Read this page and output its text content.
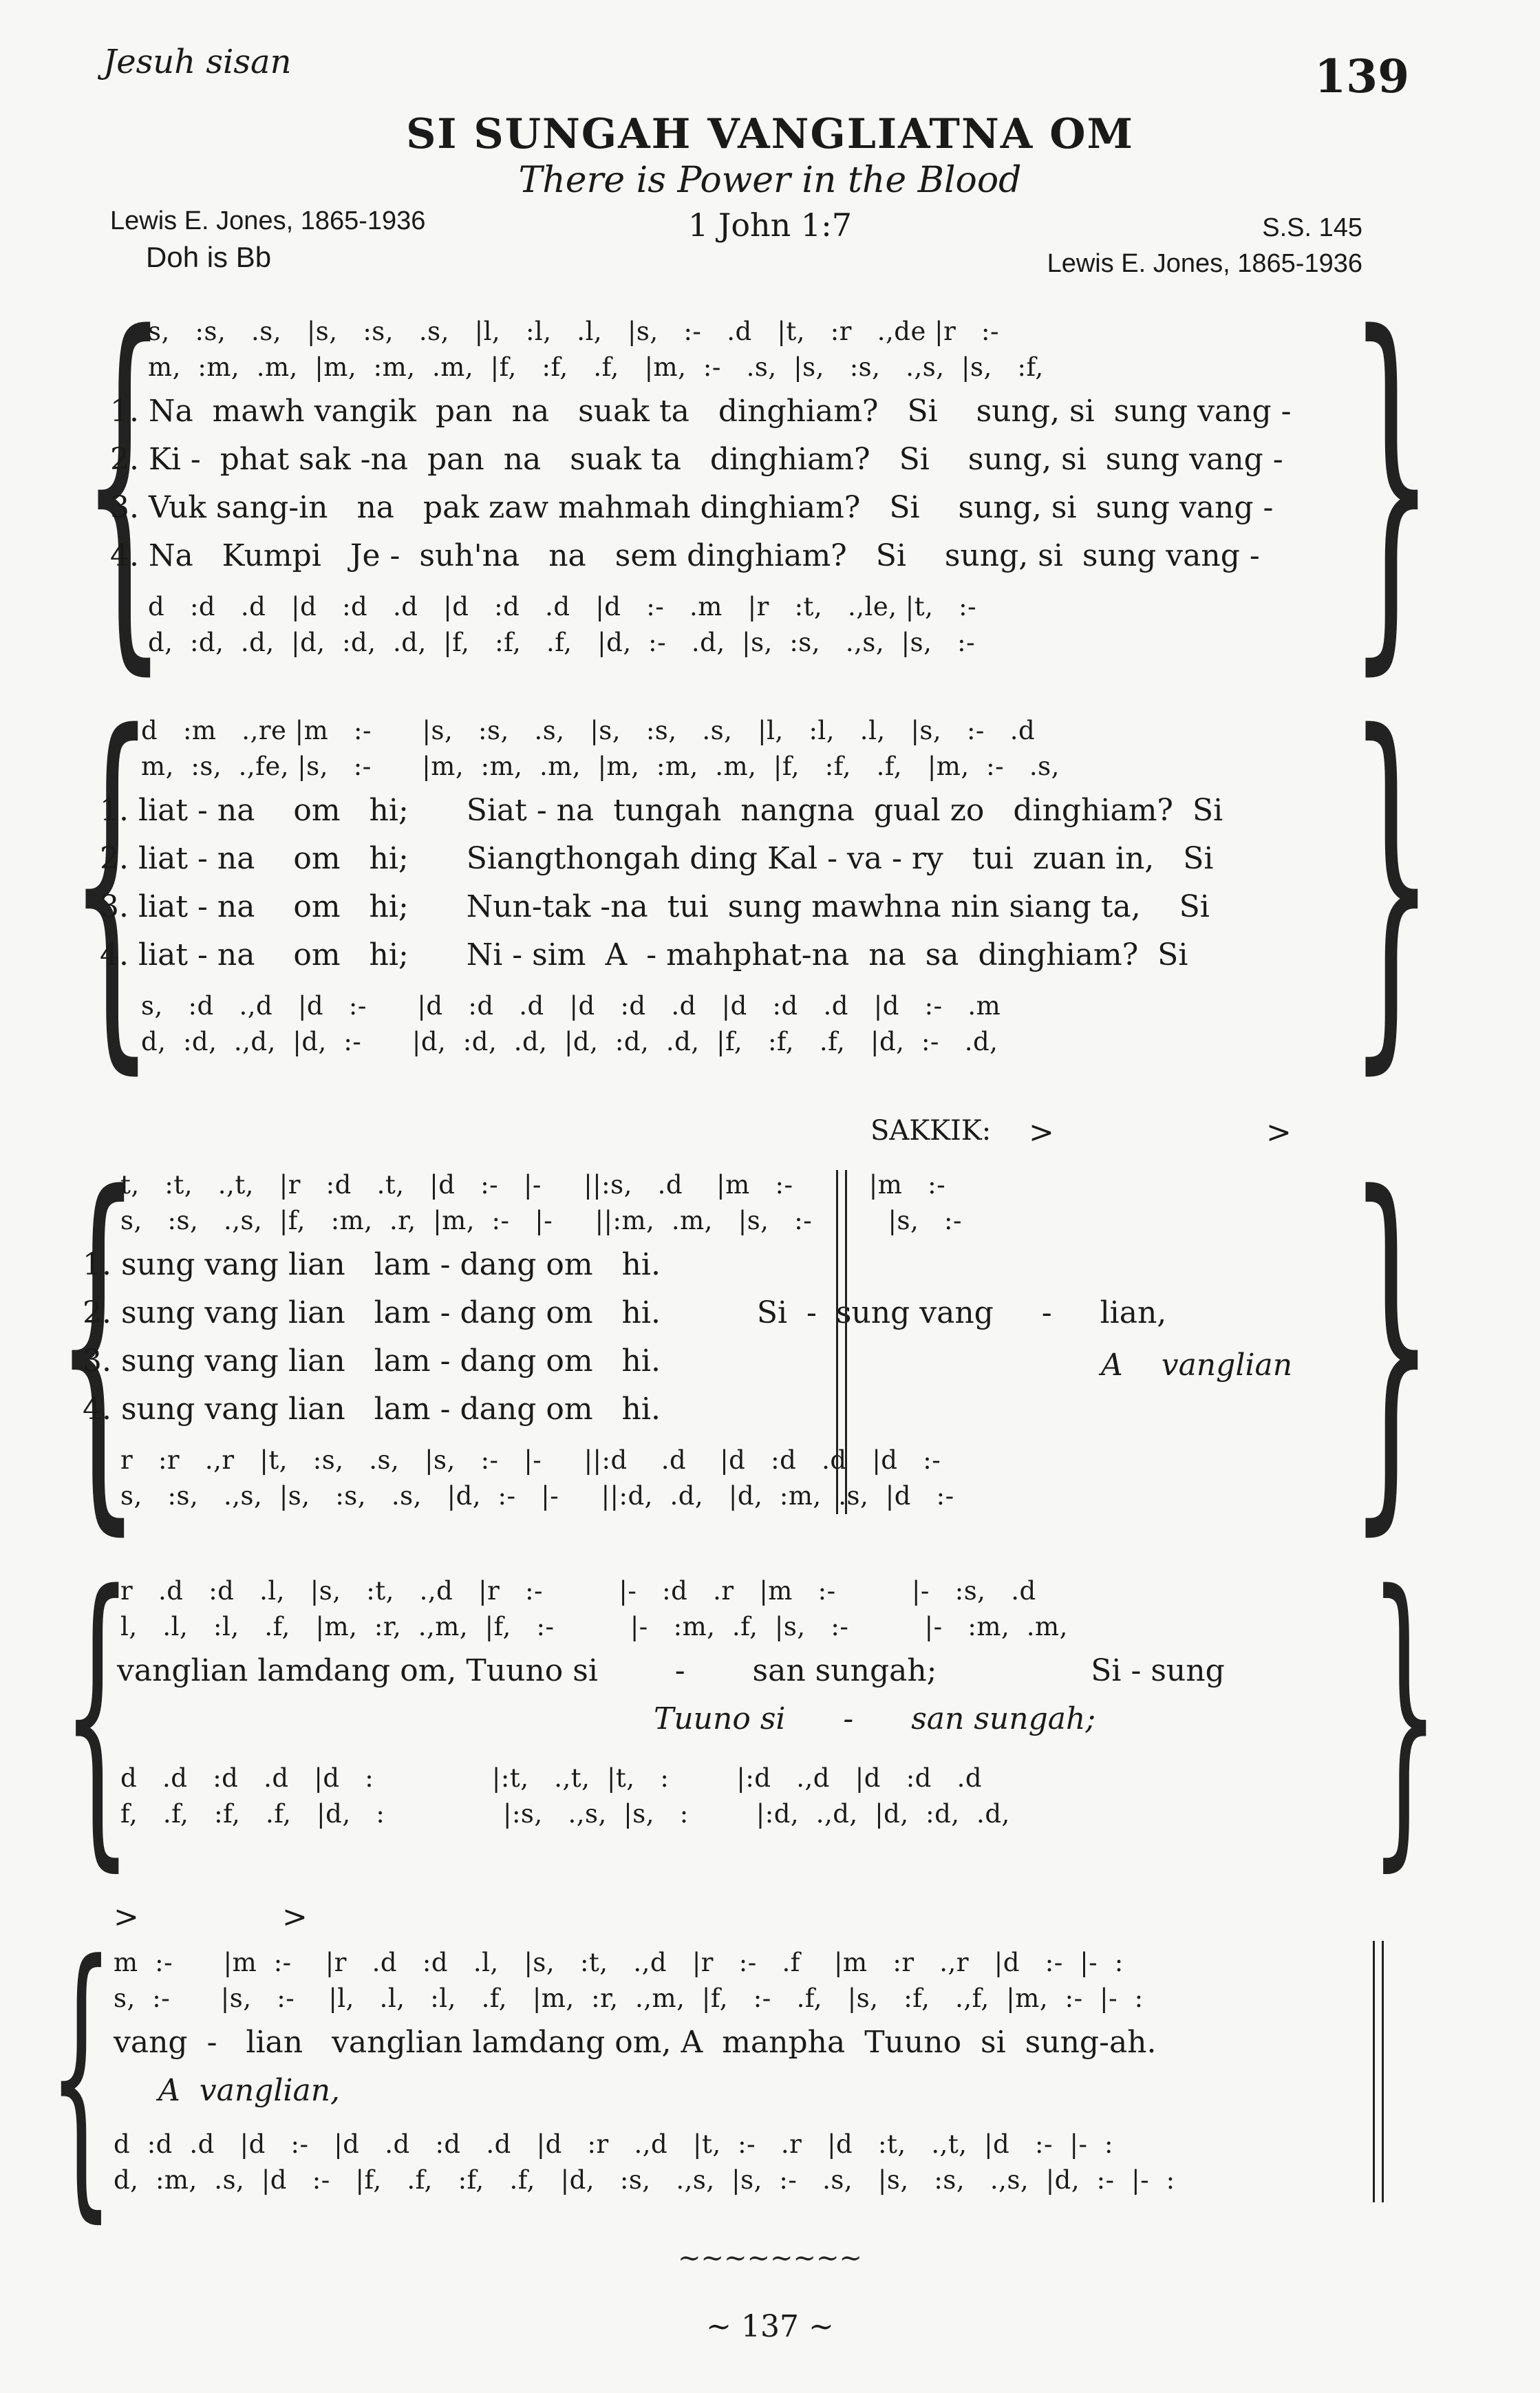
Jesuh sisan	139
SI SUNGAH VANGLIATNA OM
There is Power in the Blood
Lewis E. Jones, 1865-1936	1 John 1:7
Doh is Bb
S.S. 145
Lewis E. Jones, 1865-1936
{	}
s,   :s,   .s,   |s,   :s,   .s,   |l,   :l,   .l,   |s,   :-   .d   |t,   :r   .,de |r   :-
m,  :m,  .m,  |m,  :m,  .m,  |f,   :f,   .f,   |m,  :-   .s,  |s,   :s,   .,s,  |s,   :f,
1. Na  mawh vangik  pan  na   suak ta   dinghiam?   Si    sung, si  sung vang -
2. Ki -  phat sak -na  pan  na   suak ta   dinghiam?   Si    sung, si  sung vang -
3. Vuk sang-in   na   pak zaw mahmah dinghiam?   Si    sung, si  sung vang -
4. Na   Kumpi   Je -  suh'na   na   sem dinghiam?   Si    sung, si  sung vang -
d   :d   .d   |d   :d   .d   |d   :d   .d   |d   :-   .m   |r   :t,   .,le, |t,   :-
d,  :d,  .d,  |d,  :d,  .d,  |f,   :f,   .f,   |d,  :-   .d,  |s,  :s,   .,s,  |s,   :-
{	}
d   :m   .,re |m   :-      |s,   :s,   .s,   |s,   :s,   .s,   |l,   :l,   .l,   |s,   :-   .d
m,  :s,  .,fe, |s,   :-      |m,  :m,  .m,  |m,  :m,  .m,  |f,   :f,   .f,   |m,  :-   .s,
1. liat - na    om   hi;      Siat - na  tungah  nangna  gual zo   dinghiam?  Si
2. liat - na    om   hi;      Siangthongah ding Kal - va - ry   tui  zuan in,   Si
3. liat - na    om   hi;      Nun-tak -na  tui  sung mawhna nin siang ta,    Si
4. liat - na    om   hi;      Ni - sim  A  - mahphat-na  na  sa  dinghiam?  Si
s,   :d   .,d   |d   :-      |d   :d   .d   |d   :d   .d   |d   :d   .d   |d   :-   .m
d,  :d,  .,d,  |d,  :-      |d,  :d,  .d,  |d,  :d,  .d,  |f,   :f,   .f,   |d,  :-   .d,
SAKKIK: >	>
{	}
t,   :t,   .,t,   |r   :d   .t,   |d   :-   |-     ||:s,   .d    |m   :-         |m   :-
s,   :s,   .,s,  |f,   :m,  .r,  |m,  :-   |-     ||:m,  .m,   |s,   :-         |s,   :-
1. sung vang lian   lam - dang om   hi.
2. sung vang lian   lam - dang om   hi.          Si  -  sung vang     -     lian,
3. sung vang lian   lam - dang om   hi.	A    vanglian
4. sung vang lian   lam - dang om   hi.
r   :r   .,r   |t,   :s,   .s,   |s,   :-   |-     ||:d    .d    |d   :d   .d   |d   :-
s,   :s,   .,s,  |s,   :s,   .s,   |d,  :-   |-     ||:d,  .d,   |d,  :m,  .s,  |d   :-
{	}
r   .d   :d   .l,   |s,   :t,   .,d   |r   :-         |-   :d   .r   |m   :-         |-   :s,   .d
l,   .l,   :l,   .f,   |m,  :r,  .,m,  |f,   :-         |-   :m,  .f,  |s,   :-         |-   :m,  .m,
vanglian lamdang om, Tuuno si        -       san sungah;                Si - sung
Tuuno si      -      san sungah;
d   .d   :d   .d   |d   :              |:t,   .,t,  |t,   :        |:d   .,d   |d   :d   .d
f,   .f,   :f,   .f,   |d,   :              |:s,   .,s,  |s,   :        |:d,  .,d,  |d,  :d,  .d,
>	>
{ m  :-      |m  :-    |r   .d   :d   .l,   |s,   :t,   .,d   |r   :-   .f    |m   :r   .,r   |d   :-  |-  :
s,  :-      |s,   :-    |l,   .l,   :l,   .f,   |m,  :r,  .,m,  |f,   :-   .f,   |s,   :f,   .,f,  |m,  :-  |-  :
vang  -   lian   vanglian lamdang om, A  manpha  Tuuno  si  sung-ah.
A  vanglian,
d  :d  .d   |d   :-   |d   .d   :d   .d   |d   :r   .,d   |t,  :-   .r   |d   :t,   .,t,  |d   :-  |-  :
d,  :m,  .s,  |d   :-   |f,   .f,   :f,   .f,   |d,   :s,   .,s,  |s,  :-   .s,   |s,   :s,   .,s,  |d,  :-  |-  :
~~~~~~~~
~ 137 ~
